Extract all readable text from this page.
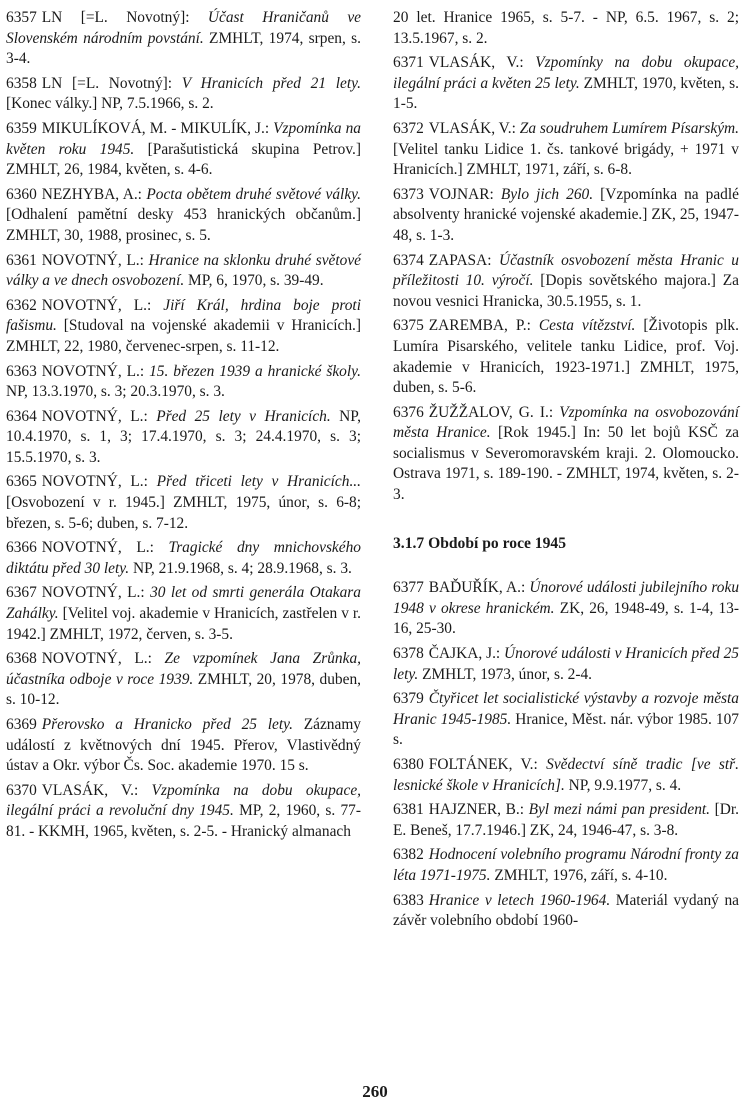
6357 LN [=L. Novotný]: Účast Hraničanů ve Slovenském národním povstání. ZMHLT, 1974, srpen, s. 3-4.
6358 LN [=L. Novotný]: V Hranicích před 21 lety. [Konec války.] NP, 7.5.1966, s. 2.
6359 MIKULÍKOVÁ, M. - MIKULÍK, J.: Vzpomínka na květen roku 1945. [Parašutistická skupina Petrov.] ZMHLT, 26, 1984, květen, s. 4-6.
6360 NEZHYBA, A.: Pocta obětem druhé světové války. [Odhalení pamětní desky 453 hranických občanům.] ZMHLT, 30, 1988, prosinec, s. 5.
6361 NOVOTNÝ, L.: Hranice na sklonku druhé světové války a ve dnech osvobození. MP, 6, 1970, s. 39-49.
6362 NOVOTNÝ, L.: Jiří Král, hrdina boje proti fašismu. [Studoval na vojenské akademii v Hranicích.] ZMHLT, 22, 1980, červenec-srpen, s. 11-12.
6363 NOVOTNÝ, L.: 15. březen 1939 a hranické školy. NP, 13.3.1970, s. 3; 20.3.1970, s. 3.
6364 NOVOTNÝ, L.: Před 25 lety v Hranicích. NP, 10.4.1970, s. 1, 3; 17.4.1970, s. 3; 24.4.1970, s. 3; 15.5.1970, s. 3.
6365 NOVOTNÝ, L.: Před třiceti lety v Hranicích... [Osvobození v r. 1945.] ZMHLT, 1975, únor, s. 6-8; březen, s. 5-6; duben, s. 7-12.
6366 NOVOTNÝ, L.: Tragické dny mnichovského diktátu před 30 lety. NP, 21.9.1968, s. 4; 28.9.1968, s. 3.
6367 NOVOTNÝ, L.: 30 let od smrti generála Otakara Zahálky. [Velitel voj. akademie v Hranicích, zastřelen v r. 1942.] ZMHLT, 1972, červen, s. 3-5.
6368 NOVOTNÝ, L.: Ze vzpomínek Jana Zrůnka, účastníka odboje v roce 1939. ZMHLT, 20, 1978, duben, s. 10-12.
6369 Přerovsko a Hranicko před 25 lety. Záznamy událostí z květnových dní 1945. Přerov, Vlastivědný ústav a Okr. výbor Čs. Soc. akademie 1970. 15 s.
6370 VLASÁK, V.: Vzpomínka na dobu okupace, ilegální práci a revoluční dny 1945. MP, 2, 1960, s. 77-81. - KKMH, 1965, květen, s. 2-5. - Hranický almanach
20 let. Hranice 1965, s. 5-7. - NP, 6.5. 1967, s. 2; 13.5.1967, s. 2.
6371 VLASÁK, V.: Vzpomínky na dobu okupace, ilegální práci a květen 25 lety. ZMHLT, 1970, květen, s. 1-5.
6372 VLASÁK, V.: Za soudruhem Lumírem Písarským. [Velitel tanku Lidice 1. čs. tankové brigády, + 1971 v Hranicích.] ZMHLT, 1971, září, s. 6-8.
6373 VOJNAR: Bylo jich 260. [Vzpomínka na padlé absolventy hranické vojenské akademie.] ZK, 25, 1947-48, s. 1-3.
6374 ZAPASA: Účastník osvobození města Hranic u příležitosti 10. výročí. [Dopis sovětského majora.] Za novou vesnici Hranicka, 30.5.1955, s. 1.
6375 ZAREMBA, P.: Cesta vítězství. [Životopis plk. Lumíra Pisarského, velitele tanku Lidice, prof. Voj. akademie v Hranicích, 1923-1971.] ZMHLT, 1975, duben, s. 5-6.
6376 ŽUŽŽALOV, G. I.: Vzpomínka na osvobozování města Hranice. [Rok 1945.] In: 50 let bojů KSČ za socialismus v Severomoravském kraji. 2. Olomoucko. Ostrava 1971, s. 189-190. - ZMHLT, 1974, květen, s. 2-3.
3.1.7 Období po roce 1945
6377 BAĎUŘÍK, A.: Únorové události jubilejního roku 1948 v okrese hranickém. ZK, 26, 1948-49, s. 1-4, 13-16, 25-30.
6378 ČAJKA, J.: Únorové události v Hranicích před 25 lety. ZMHLT, 1973, únor, s. 2-4.
6379 Čtyřicet let socialistické výstavby a rozvoje města Hranic 1945-1985. Hranice, Měst. nár. výbor 1985. 107 s.
6380 FOLTÁNEK, V.: Svědectví síně tradic [ve stř. lesnické škole v Hranicích]. NP, 9.9.1977, s. 4.
6381 HAJZNER, B.: Byl mezi námi pan president. [Dr. E. Beneš, 17.7.1946.] ZK, 24, 1946-47, s. 3-8.
6382 Hodnocení volebního programu Národní fronty za léta 1971-1975. ZMHLT, 1976, září, s. 4-10.
6383 Hranice v letech 1960-1964. Materiál vydaný na závěr volebního období 1960-
260
